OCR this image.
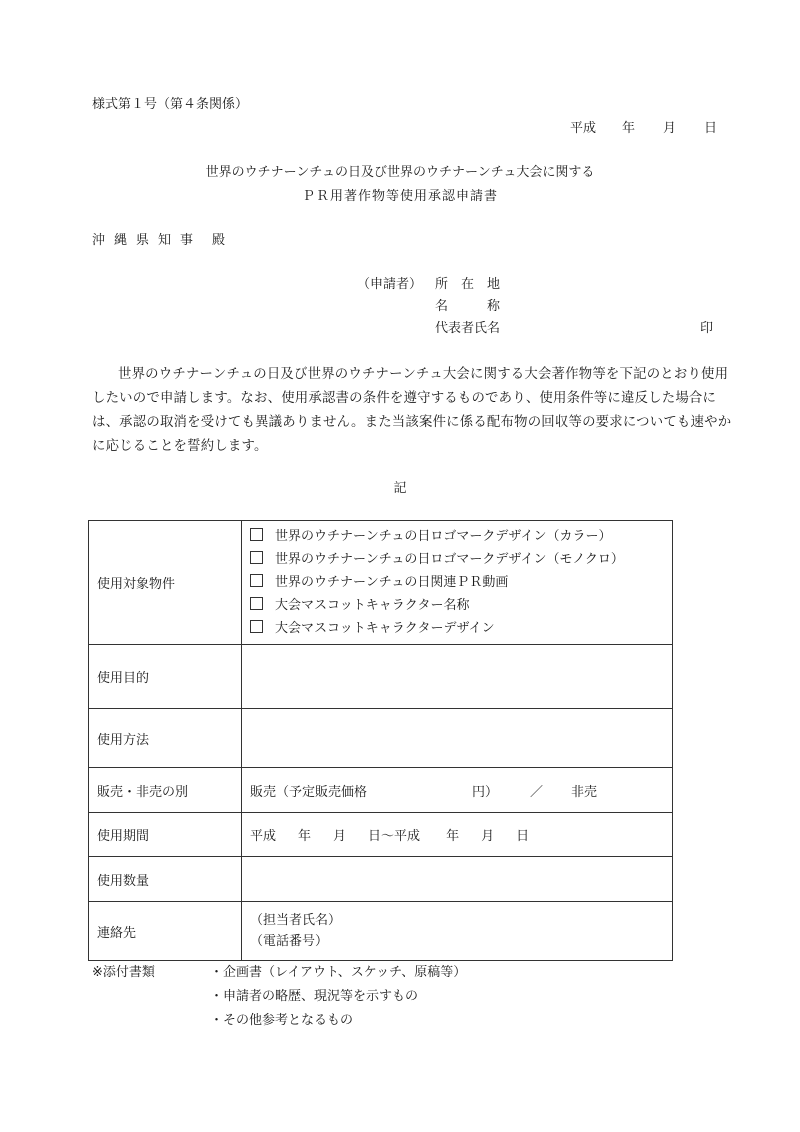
様式第１号（第４条関係）
平成 年 月 日
世界のウチナーンチュの日及び世界のウチナーンチュ大会に関する
ＰＲ用著作物等使用承認申請書
沖縄県知事 殿
（申請者） 所　在　地
名　　　称
代表者氏名	印
世界のウチナーンチュの日及び世界のウチナーンチュ大会に関する大会著作物等を下記のとおり使用したいので申請します。なお、使用承認書の条件を遵守するものであり、使用条件等に違反した場合には、承認の取消を受けても異議ありません。また当該案件に係る配布物の回収等の要求についても速やかに応じることを誓約します。
記
使用対象物件	世界のウチナーンチュの日ロゴマークデザイン（カラー）
世界のウチナーンチュの日ロゴマークデザイン（モノクロ）
世界のウチナーンチュの日関連ＰＲ動画
大会マスコットキャラクター名称
大会マスコットキャラクターデザイン

使用目的	
使用方法	
販売・非売の別	販売（予定販売価格 円） ／ 非売
使用期間	平成 年 月 日〜平成 年 月 日
使用数量	
連絡先	（担当者氏名）
（電話番号）
※添付書類	・企画書（レイアウト、スケッチ、原稿等）
・申請者の略歴、現況等を示すもの
・その他参考となるもの
